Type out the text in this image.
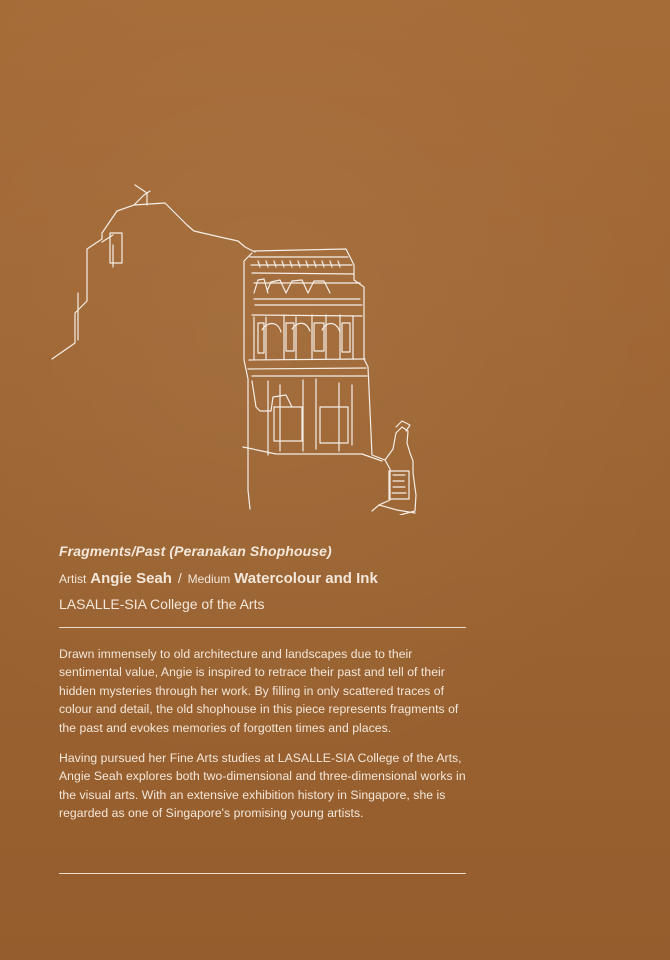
Fragments/Past (Peranakan Shophouse)

Artist Angie Seah / Medium Watercolour and Ink

LASALLE-SIA College of the Arts

Drawn immensely to old architecture and landscapes due to their sentimental value, Angie is inspired to retrace their past and tell of their hidden mysteries through her work. By filling in only scattered traces of colour and detail, the old shophouse in this piece represents fragments of the past and evokes memories of forgotten times and places.

Having pursued her Fine Arts studies at LASALLE-SIA College of the Arts, Angie Seah explores both two-dimensional and three-dimensional works in the visual arts. With an extensive exhibition history in Singapore, she is regarded as one of Singapore's promising young artists.
